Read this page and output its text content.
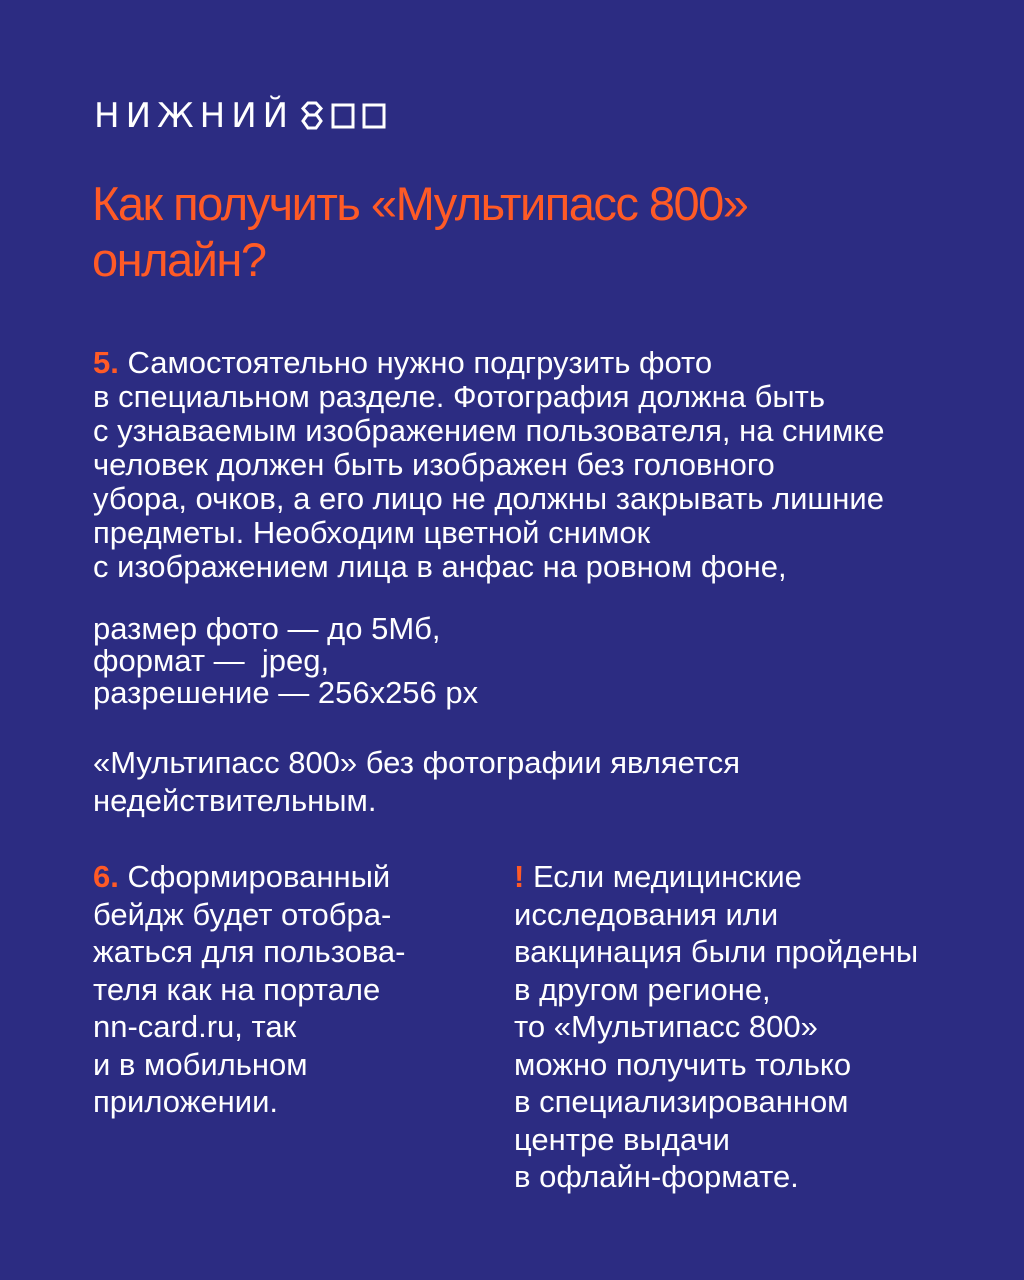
НИЖНИЙ
Как получить «Мультипасс 800»
онлайн?
5. Самостоятельно нужно подгрузить фото
в специальном разделе. Фотография должна быть
с узнаваемым изображением пользователя, на снимке
человек должен быть изображен без головного
убора, очков, а его лицо не должны закрывать лишние
предметы. Необходим цветной снимок
с изображением лица в анфас на ровном фоне,
размер фото — до 5Мб,
формат —  jpeg,
разрешение — 256х256 px
«Мультипасс 800» без фотографии является
недействительным.
6. Сформированный
бейдж будет отобра-
жаться для пользова-
теля как на портале
nn-card.ru, так
и в мобильном
приложении.
! Если медицинские
исследования или
вакцинация были пройдены
в другом регионе,
то «Мультипасс 800»
можно получить только
в специализированном
центре выдачи
в офлайн-формате.
